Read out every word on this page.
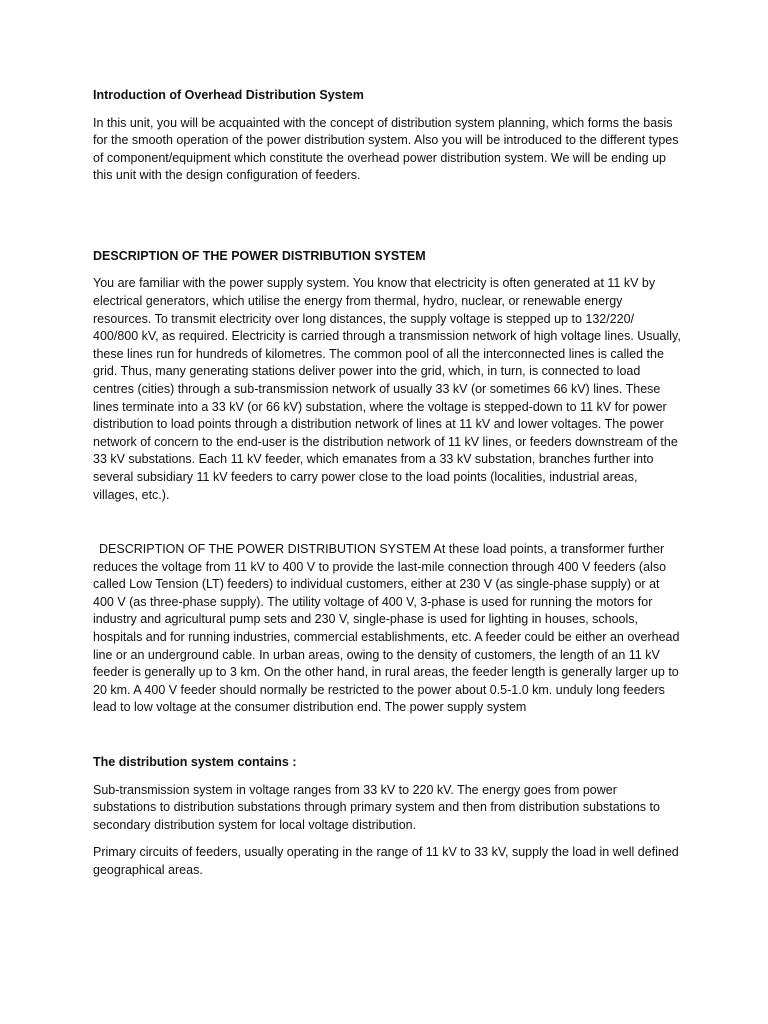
Introduction of Overhead Distribution System

In this unit, you will be acquainted with the concept of distribution system planning, which forms the basis for the smooth operation of the power distribution system. Also you will be introduced to the different types of component/equipment which constitute the overhead power distribution system. We will be ending up this unit with the design configuration of feeders.

DESCRIPTION OF THE POWER DISTRIBUTION SYSTEM

You are familiar with the power supply system. You know that electricity is often generated at 11 kV by electrical generators, which utilise the energy from thermal, hydro, nuclear, or renewable energy resources. To transmit electricity over long distances, the supply voltage is stepped up to 132/220/ 400/800 kV, as required. Electricity is carried through a transmission network of high voltage lines. Usually, these lines run for hundreds of kilometres. The common pool of all the interconnected lines is called the grid. Thus, many generating stations deliver power into the grid, which, in turn, is connected to load centres (cities) through a sub-transmission network of usually 33 kV (or sometimes 66 kV) lines. These lines terminate into a 33 kV (or 66 kV) substation, where the voltage is stepped-down to 11 kV for power distribution to load points through a distribution network of lines at 11 kV and lower voltages. The power network of concern to the end-user is the distribution network of 11 kV lines, or feeders downstream of the 33 kV substations. Each 11 kV feeder, which emanates from a 33 kV substation, branches further into several subsidiary 11 kV feeders to carry power close to the load points (localities, industrial areas, villages, etc.).

DESCRIPTION OF THE POWER DISTRIBUTION SYSTEM At these load points, a transformer further reduces the voltage from 11 kV to 400 V to provide the last-mile connection through 400 V feeders (also called Low Tension (LT) feeders) to individual customers, either at 230 V (as single-phase supply) or at 400 V (as three-phase supply). The utility voltage of 400 V, 3-phase is used for running the motors for industry and agricultural pump sets and 230 V, single-phase is used for lighting in houses, schools, hospitals and for running industries, commercial establishments, etc. A feeder could be either an overhead line or an underground cable. In urban areas, owing to the density of customers, the length of an 11 kV feeder is generally up to 3 km. On the other hand, in rural areas, the feeder length is generally larger up to 20 km. A 400 V feeder should normally be restricted to the power about 0.5-1.0 km. unduly long feeders lead to low voltage at the consumer distribution end. The power supply system

The distribution system contains :

Sub-transmission system in voltage ranges from 33 kV to 220 kV. The energy goes from power substations to distribution substations through primary system and then from distribution substations to secondary distribution system for local voltage distribution.

Primary circuits of feeders, usually operating in the range of 11 kV to 33 kV, supply the load in well defined geographical areas.
